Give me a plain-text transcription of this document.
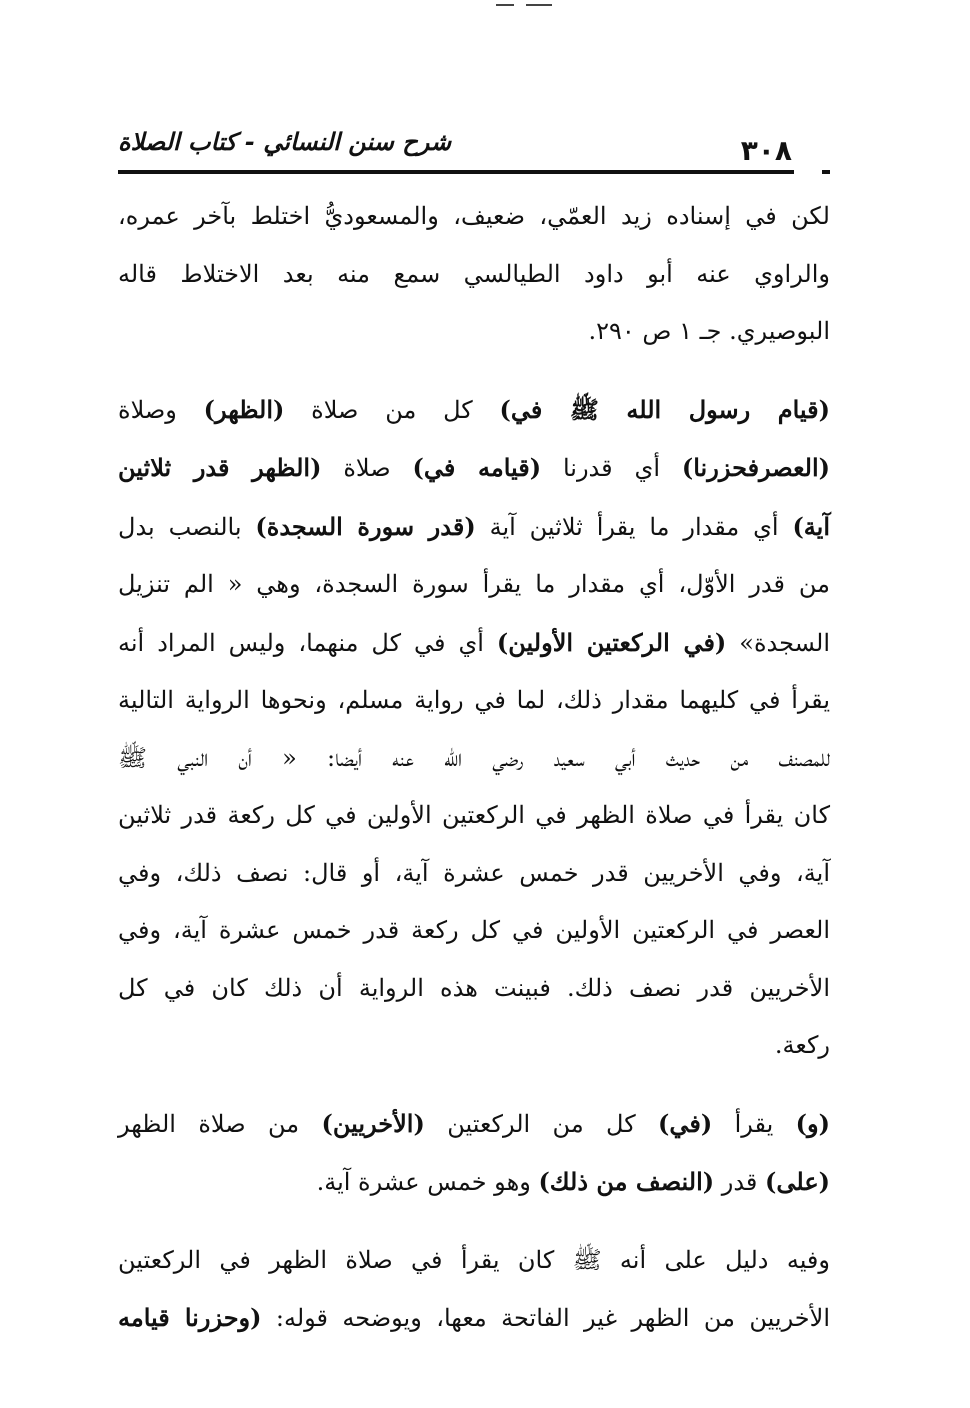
شرح سنن النسائي - كتاب الصلاة	٣٠٨
لكن في إسناده زيد العمّي، ضعيف، والمسعوديُّ اختلط بآخر عمره،
والراوي عنه أبو داود الطيالسي سمع منه بعد الاختلاط قاله
البوصيري. جـ ١ ص ٢٩٠.
(قيام رسول الله ﷺ في) كل من صلاة (الظهر) وصلاة
(العصرفحزرنا) أي قدرنا (قيامه في) صلاة (الظهر قدر ثلاثين
آية) أي مقدار ما يقرأ ثلاثين آية (قدر سورة السجدة) بالنصب بدل
من قدر الأوّل، أي مقدار ما يقرأ سورة السجدة، وهي « الم تنزيل
السجدة» (في الركعتين الأولين) أي في كل منهما، وليس المراد أنه
يقرأ في كليهما مقدار ذلك، لما في رواية مسلم، ونحوها الرواية التالية
للمصنف من حديث أبي سعيد رضي الله عنه أيضا: « أن النبي ﷺ
كان يقرأ في صلاة الظهر في الركعتين الأولين في كل ركعة قدر ثلاثين
آية، وفي الأخريين قدر خمس عشرة آية، أو قال: نصف ذلك، وفي
العصر في الركعتين الأولين في كل ركعة قدر خمس عشرة آية، وفي
الأخريين قدر نصف ذلك. فبينت هذه الرواية أن ذلك كان في كل
ركعة.
(و) يقرأ (في) كل من الركعتين (الأخريين) من صلاة الظهر
(على) قدر (النصف من ذلك) وهو خمس عشرة آية.
وفيه دليل على أنه ﷺ كان يقرأ في صلاة الظهر في الركعتين
الأخريين من الظهر غير الفاتحة معها، ويوضحه قوله: (وحزرنا قيامه
